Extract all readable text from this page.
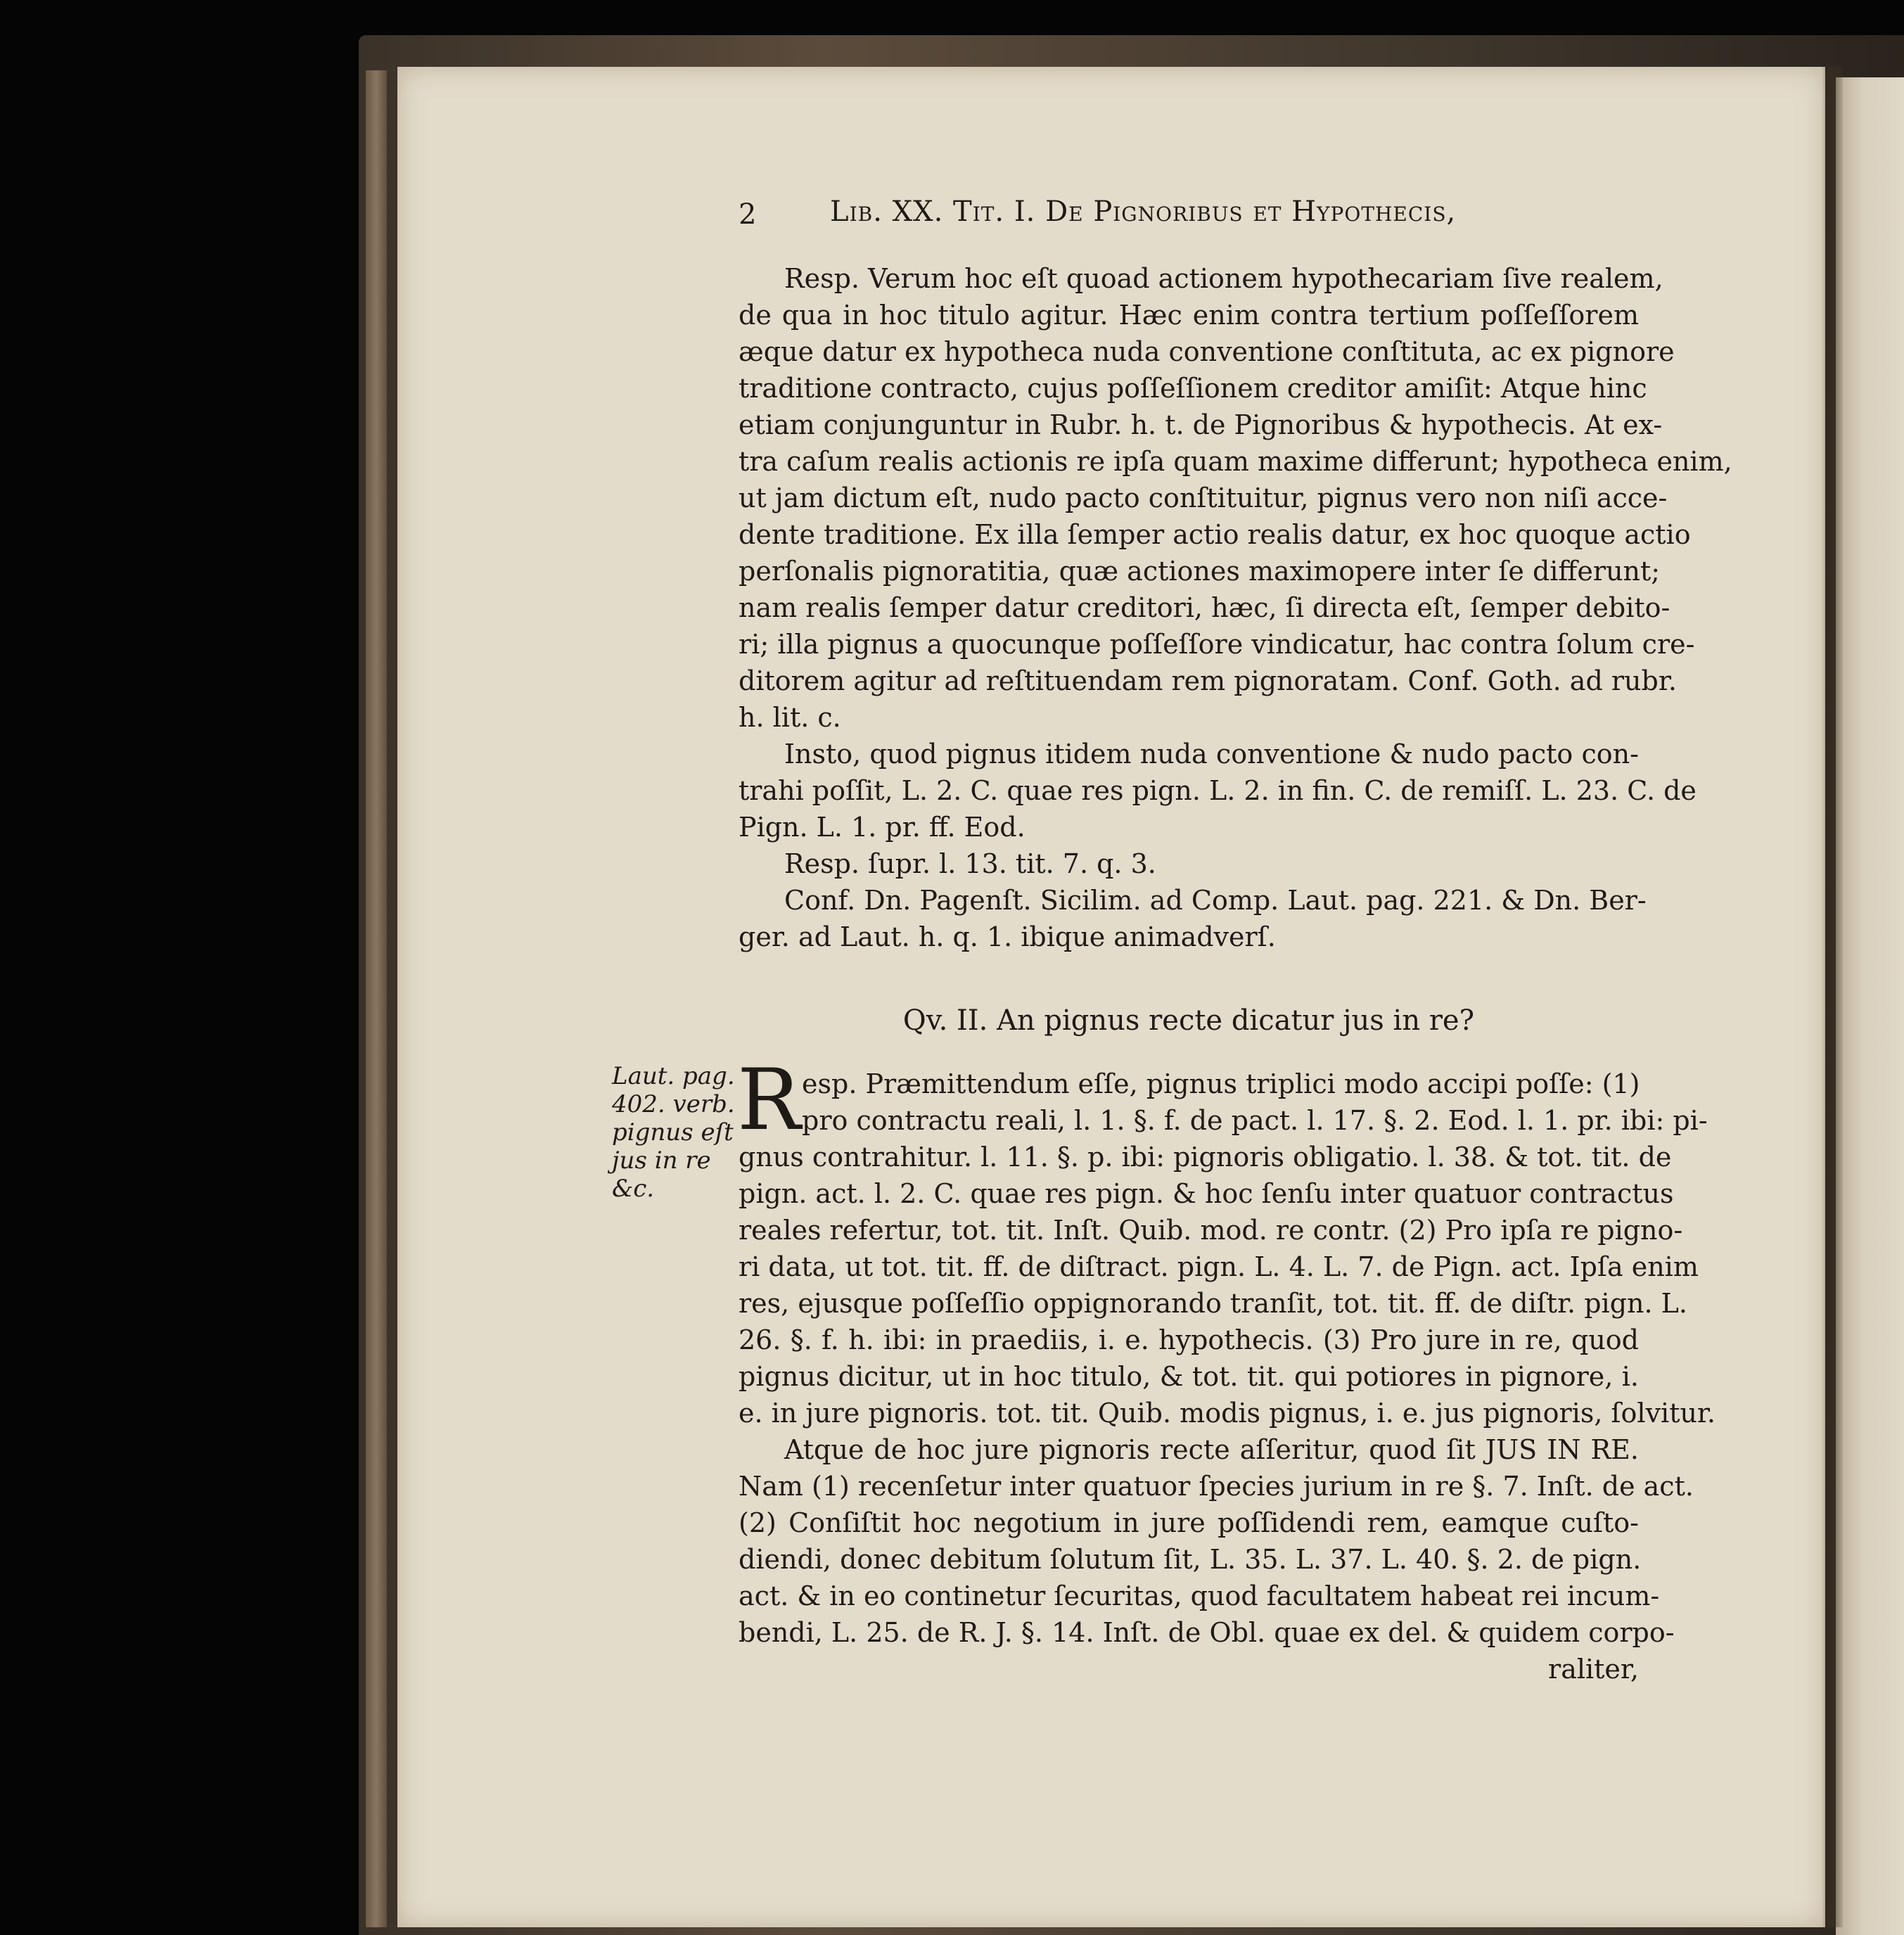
2	Lib. XX. Tit. I. De Pignoribus et Hypothecis,
Resp. Verum hoc eſt quoad actionem hypothecariam ſive realem,
de qua in hoc titulo agitur. Hæc enim contra tertium poſſeſſorem
æque datur ex hypotheca nuda conventione conſtituta, ac ex pignore
traditione contracto, cujus poſſeſſionem creditor amiſit: Atque hinc
etiam conjunguntur in Rubr. h. t. de Pignoribus & hypothecis. At ex-
tra caſum realis actionis re ipſa quam maxime differunt; hypotheca enim,
ut jam dictum eſt, nudo pacto conſtituitur, pignus vero non niſi acce-
dente traditione. Ex illa ſemper actio realis datur, ex hoc quoque actio
perſonalis pignoratitia, quæ actiones maximopere inter ſe differunt;
nam realis ſemper datur creditori, hæc, ſi directa eſt, ſemper debito-
ri; illa pignus a quocunque poſſeſſore vindicatur, hac contra ſolum cre-
ditorem agitur ad reſtituendam rem pignoratam. Conf. Goth. ad rubr.
h. lit. c.
Insto, quod pignus itidem nuda conventione & nudo pacto con-
trahi poſſit, L. 2. C. quae res pign. L. 2. in fin. C. de remiſſ. L. 23. C. de
Pign. L. 1. pr. ff. Eod.
Resp. ſupr. l. 13. tit. 7. q. 3.
Conf. Dn. Pagenſt. Sicilim. ad Comp. Laut. pag. 221. & Dn. Ber-
ger. ad Laut. h. q. 1. ibique animadverſ.
Qv. II. An pignus recte dicatur jus in re?
Laut. pag.
402. verb.
pignus eſt
jus in re
&c.
R esp. Præmittendum eſſe, pignus triplici modo accipi poſſe: (1)
pro contractu reali, l. 1. §. f. de pact. l. 17. §. 2. Eod. l. 1. pr. ibi: pi-
gnus contrahitur. l. 11. §. p. ibi: pignoris obligatio. l. 38. & tot. tit. de
pign. act. l. 2. C. quae res pign. & hoc ſenſu inter quatuor contractus
reales refertur, tot. tit. Inſt. Quib. mod. re contr. (2) Pro ipſa re pigno-
ri data, ut tot. tit. ff. de diſtract. pign. L. 4. L. 7. de Pign. act. Ipſa enim
res, ejusque poſſeſſio oppignorando tranſit, tot. tit. ff. de diſtr. pign. L.
26. §. f. h. ibi: in praediis, i. e. hypothecis. (3) Pro jure in re, quod
pignus dicitur, ut in hoc titulo, & tot. tit. qui potiores in pignore, i.
e. in jure pignoris. tot. tit. Quib. modis pignus, i. e. jus pignoris, ſolvitur.
Atque de hoc jure pignoris recte aſſeritur, quod ſit JUS IN RE.
Nam (1) recenſetur inter quatuor ſpecies jurium in re §. 7. Inſt. de act.
(2) Conſiſtit hoc negotium in jure poſſidendi rem, eamque cuſto-
diendi, donec debitum ſolutum ſit, L. 35. L. 37. L. 40. §. 2. de pign.
act. & in eo continetur ſecuritas, quod facultatem habeat rei incum-
bendi, L. 25. de R. J. §. 14. Inſt. de Obl. quae ex del. & quidem corpo-
raliter,
